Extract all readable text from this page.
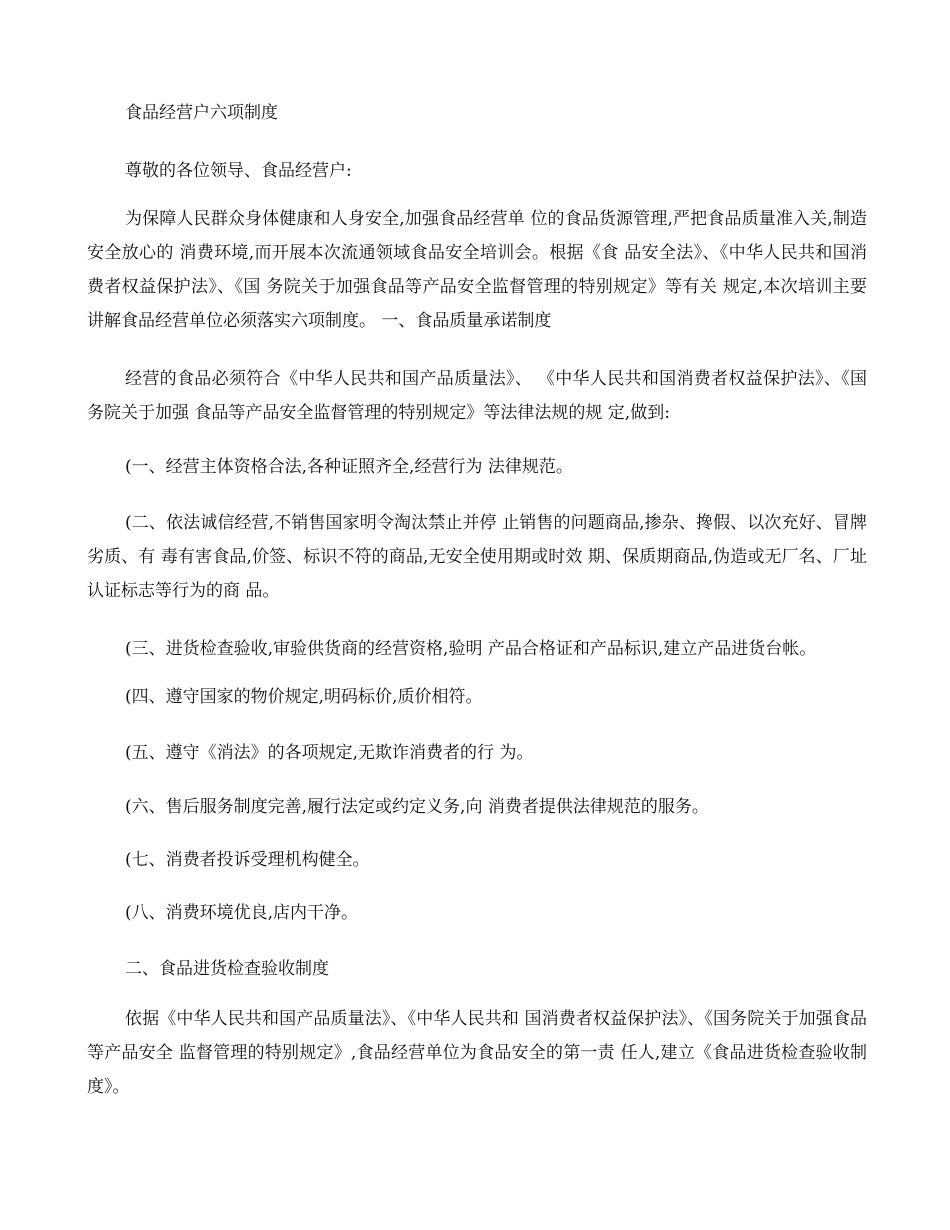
食品经营户六项制度

尊敬的各位领导、食品经营户:

为保障人民群众身体健康和人身安全,加强食品经营单 位的食品货源管理,严把食品质量准入关,制造安全放心的 消费环境,而开展本次流通领域食品安全培训会。根据《食 品安全法》、《中华人民共和国消费者权益保护法》、《国 务院关于加强食品等产品安全监督管理的特别规定》等有关 规定,本次培训主要讲解食品经营单位必须落实六项制度。 一、食品质量承诺制度

经营的食品必须符合《中华人民共和国产品质量法》、 《中华人民共和国消费者权益保护法》、《国务院关于加强 食品等产品安全监督管理的特别规定》等法律法规的规 定,做到:

(一、经营主体资格合法,各种证照齐全,经营行为 法律规范。

(二、依法诚信经营,不销售国家明令淘汰禁止并停 止销售的问题商品,掺杂、搀假、以次充好、冒牌劣质、有 毒有害食品,价签、标识不符的商品,无安全使用期或时效 期、保质期商品,伪造或无厂名、厂址认证标志等行为的商 品。

(三、进货检查验收,审验供货商的经营资格,验明 产品合格证和产品标识,建立产品进货台帐。

(四、遵守国家的物价规定,明码标价,质价相符。

(五、遵守《消法》的各项规定,无欺诈消费者的行 为。

(六、售后服务制度完善,履行法定或约定义务,向 消费者提供法律规范的服务。

(七、消费者投诉受理机构健全。

(八、消费环境优良,店内干净。

二、食品进货检查验收制度

依据《中华人民共和国产品质量法》、《中华人民共和 国消费者权益保护法》、《国务院关于加强食品等产品安全 监督管理的特别规定》,食品经营单位为食品安全的第一责 任人,建立《食品进货检查验收制度》。
